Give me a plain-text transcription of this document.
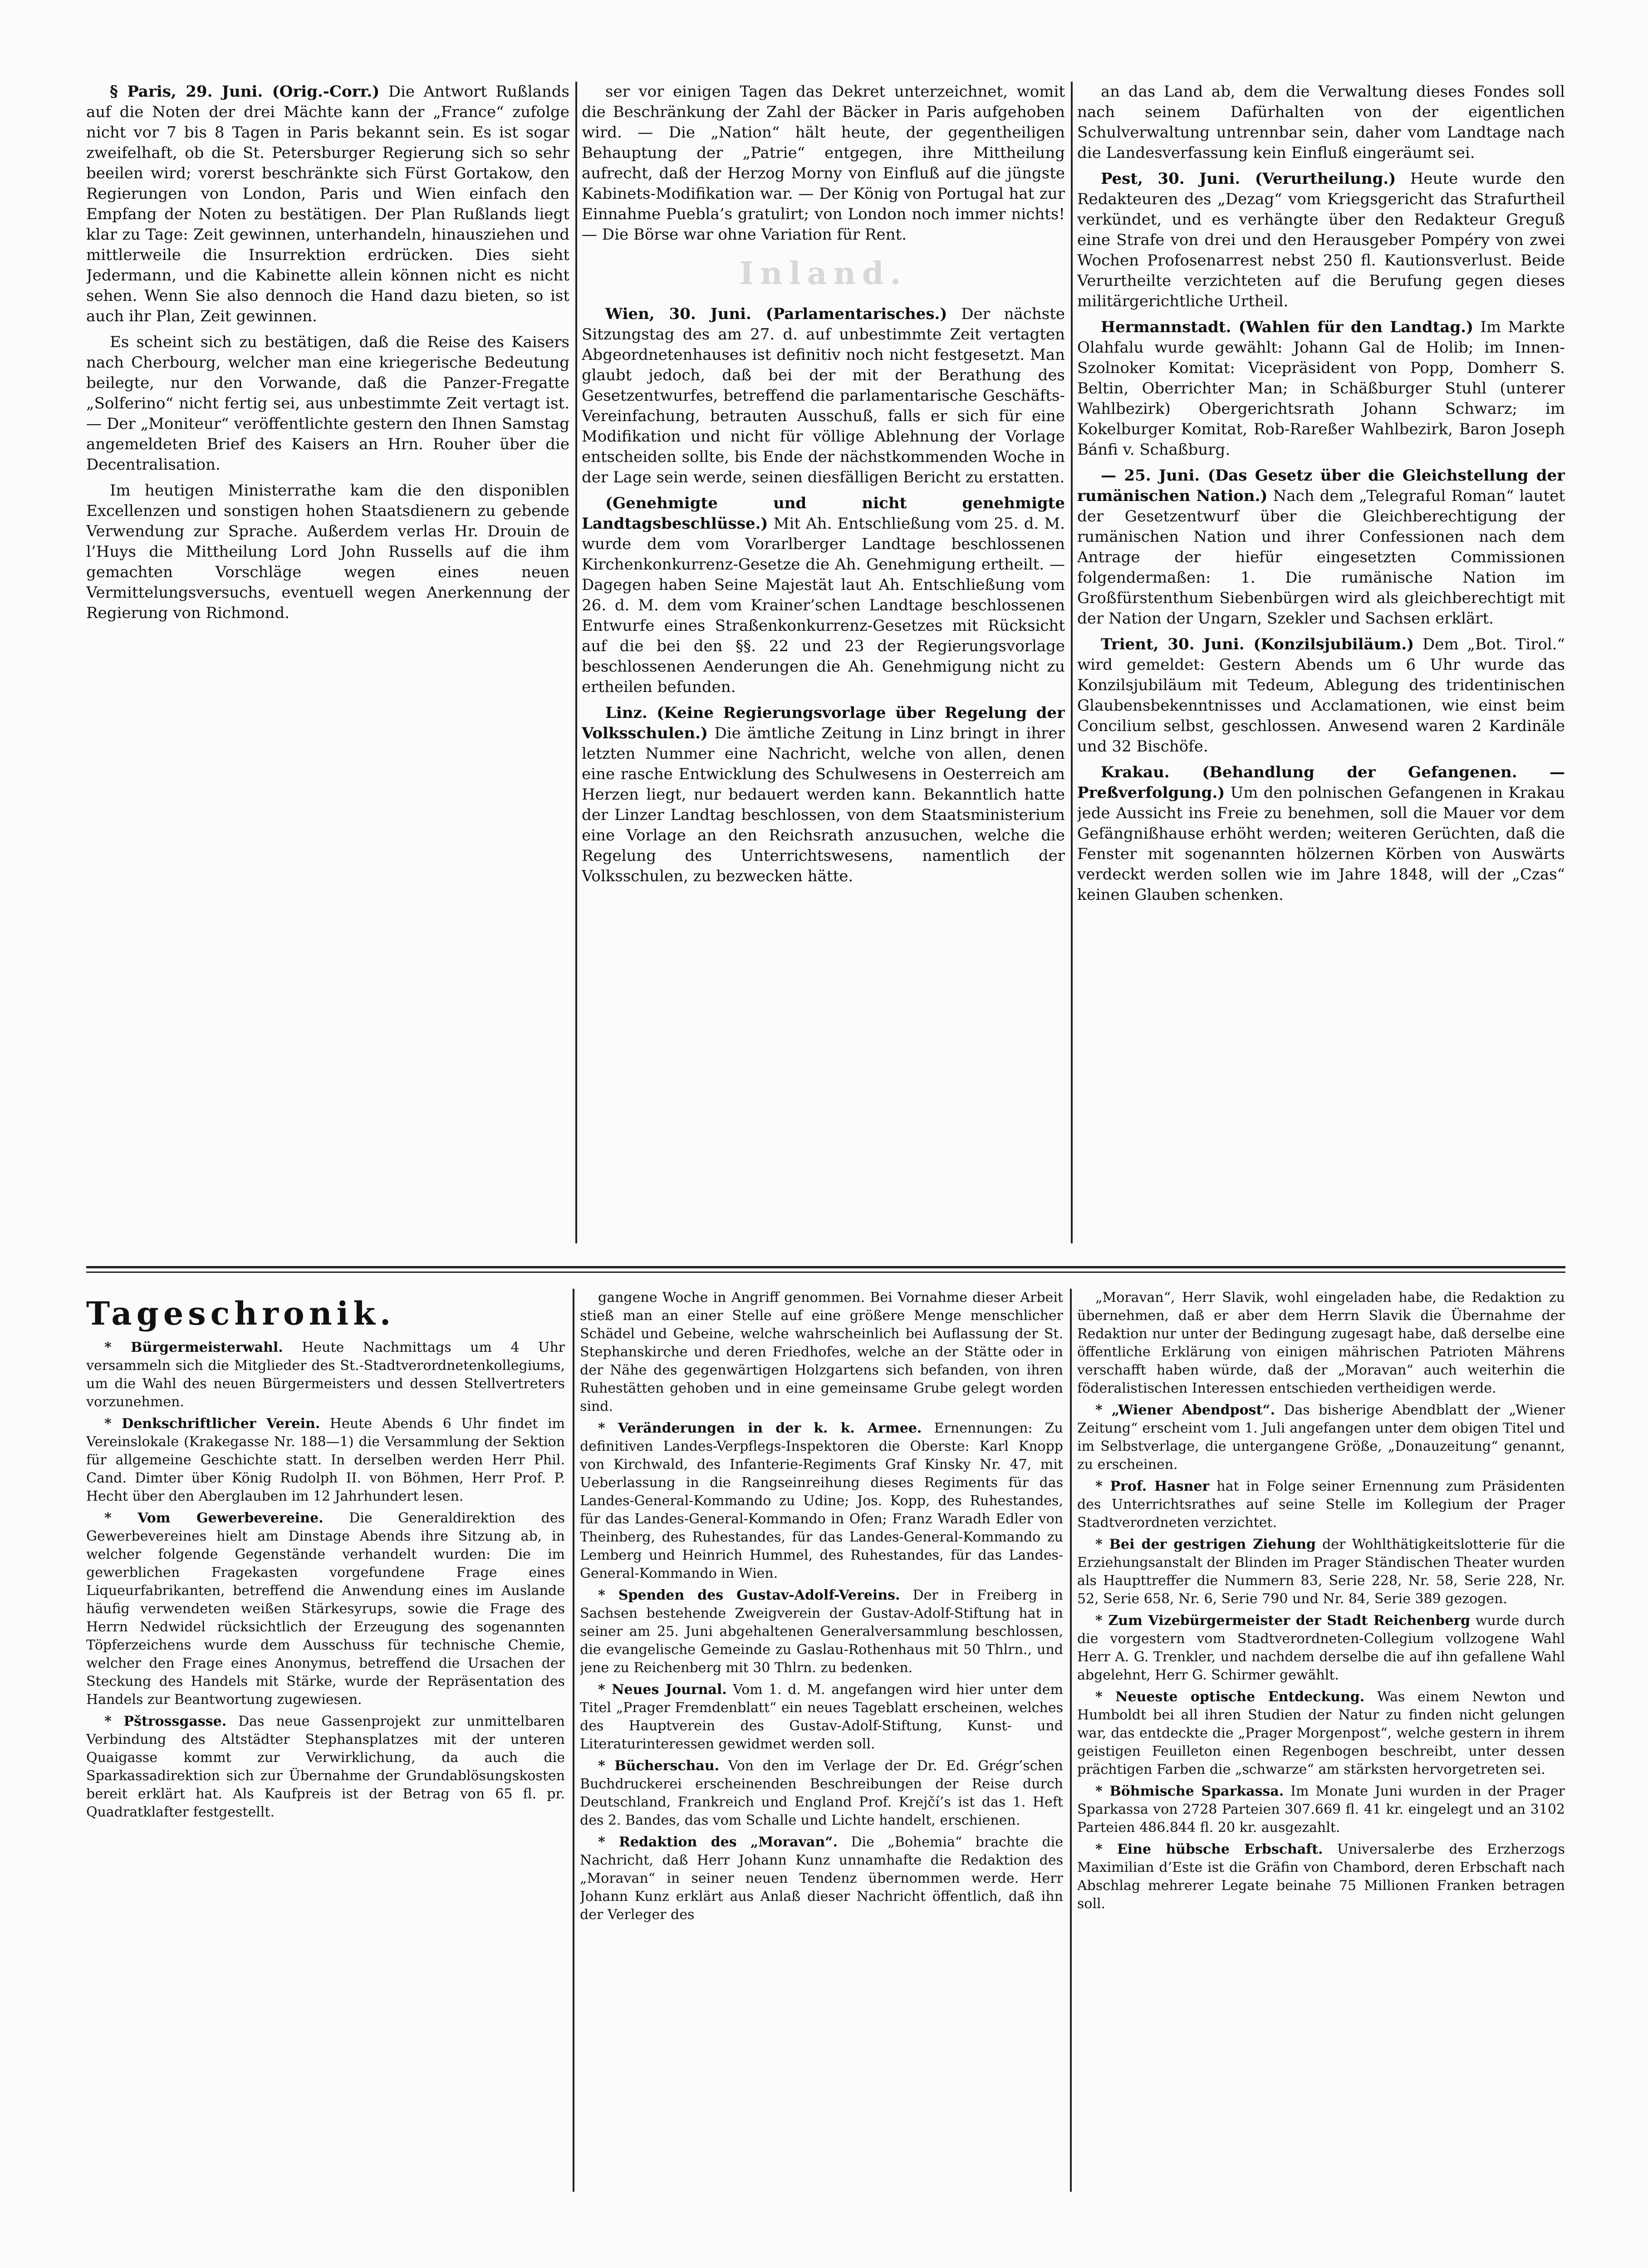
§ Paris, 29. Juni. (Orig.-Corr.) Die Antwort Rußlands auf die Noten der drei Mächte kann der „France“ zufolge nicht vor 7 bis 8 Tagen in Paris bekannt sein. Es ist sogar zweifelhaft, ob die St. Petersburger Regierung sich so sehr beeilen wird; vorerst beschränkte sich Fürst Gortakow, den Regierungen von London, Paris und Wien einfach den Empfang der Noten zu bestätigen. Der Plan Rußlands liegt klar zu Tage: Zeit gewinnen, unterhandeln, hinausziehen und mittlerweile die Insurrektion erdrücken. Dies sieht Jedermann, und die Kabinette allein können nicht es nicht sehen. Wenn Sie also dennoch die Hand dazu bieten, so ist auch ihr Plan, Zeit gewinnen.

Es scheint sich zu bestätigen, daß die Reise des Kaisers nach Cherbourg, welcher man eine kriegerische Bedeutung beilegte, nur den Vorwande, daß die Panzer-Fregatte „Solferino“ nicht fertig sei, aus unbestimmte Zeit vertagt ist. — Der „Moniteur“ veröffentlichte gestern den Ihnen Samstag angemeldeten Brief des Kaisers an Hrn. Rouher über die Decentralisation.

Im heutigen Ministerrathe kam die den disponiblen Excellenzen und sonstigen hohen Staatsdienern zu gebende Verwendung zur Sprache. Außerdem verlas Hr. Drouin de l’Huys die Mittheilung Lord John Russells auf die ihm gemachten Vorschläge wegen eines neuen Vermittelungsversuchs, eventuell wegen Anerkennung der Regierung von Richmond.

ser vor einigen Tagen das Dekret unterzeichnet, womit die Beschränkung der Zahl der Bäcker in Paris aufgehoben wird. — Die „Nation“ hält heute, der gegentheiligen Behauptung der „Patrie“ entgegen, ihre Mittheilung aufrecht, daß der Herzog Morny von Einfluß auf die jüngste Kabinets-Modifikation war. — Der König von Portugal hat zur Einnahme Puebla’s gratulirt; von London noch immer nichts! — Die Börse war ohne Variation für Rent.

Inland.

Wien, 30. Juni. (Parlamentarisches.) Der nächste Sitzungstag des am 27. d. auf unbestimmte Zeit vertagten Abgeordnetenhauses ist definitiv noch nicht festgesetzt. Man glaubt jedoch, daß bei der mit der Berathung des Gesetzentwurfes, betreffend die parlamentarische Geschäfts-Vereinfachung, betrauten Ausschuß, falls er sich für eine Modifikation und nicht für völlige Ablehnung der Vorlage entscheiden sollte, bis Ende der nächstkommenden Woche in der Lage sein werde, seinen diesfälligen Bericht zu erstatten.

(Genehmigte und nicht genehmigte Landtagsbeschlüsse.) Mit Ah. Entschließung vom 25. d. M. wurde dem vom Vorarlberger Landtage beschlossenen Kirchenkonkurrenz-Gesetze die Ah. Genehmigung ertheilt. — Dagegen haben Seine Majestät laut Ah. Entschließung vom 26. d. M. dem vom Krainer’schen Landtage beschlossenen Entwurfe eines Straßenkonkurrenz-Gesetzes mit Rücksicht auf die bei den §§. 22 und 23 der Regierungsvorlage beschlossenen Aenderungen die Ah. Genehmigung nicht zu ertheilen befunden.

Linz. (Keine Regierungsvorlage über Regelung der Volksschulen.) Die ämtliche Zeitung in Linz bringt in ihrer letzten Nummer eine Nachricht, welche von allen, denen eine rasche Entwicklung des Schulwesens in Oesterreich am Herzen liegt, nur bedauert werden kann. Bekanntlich hatte der Linzer Landtag beschlossen, von dem Staatsministerium eine Vorlage an den Reichsrath anzusuchen, welche die Regelung des Unterrichtswesens, namentlich der Volksschulen, zu bezwecken hätte.

an das Land ab, dem die Verwaltung dieses Fondes soll nach seinem Dafürhalten von der eigentlichen Schulverwaltung untrennbar sein, daher vom Landtage nach die Landesverfassung kein Einfluß eingeräumt sei.

Pest, 30. Juni. (Verurtheilung.) Heute wurde den Redakteuren des „Dezag“ vom Kriegsgericht das Strafurtheil verkündet, und es verhängte über den Redakteur Greguß eine Strafe von drei und den Herausgeber Pompéry von zwei Wochen Profosenarrest nebst 250 fl. Kautionsverlust. Beide Verurtheilte verzichteten auf die Berufung gegen dieses militärgerichtliche Urtheil.

Hermannstadt. (Wahlen für den Landtag.) Im Markte Olahfalu wurde gewählt: Johann Gal de Holib; im Innen-Szolnoker Komitat: Vicepräsident von Popp, Domherr S. Beltin, Oberrichter Man; in Schäßburger Stuhl (unterer Wahlbezirk) Obergerichtsrath Johann Schwarz; im Kokelburger Komitat, Rob-Rareßer Wahlbezirk, Baron Joseph Bánfi v. Schaßburg.

— 25. Juni. (Das Gesetz über die Gleichstellung der rumänischen Nation.) Nach dem „Telegraful Roman“ lautet der Gesetzentwurf über die Gleichberechtigung der rumänischen Nation und ihrer Confessionen nach dem Antrage der hiefür eingesetzten Commissionen folgendermaßen: 1. Die rumänische Nation im Großfürstenthum Siebenbürgen wird als gleichberechtigt mit der Nation der Ungarn, Szekler und Sachsen erklärt.

Trient, 30. Juni. (Konzilsjubiläum.) Dem „Bot. Tirol.“ wird gemeldet: Gestern Abends um 6 Uhr wurde das Konzilsjubiläum mit Tedeum, Ablegung des tridentinischen Glaubensbekenntnisses und Acclamationen, wie einst beim Concilium selbst, geschlossen. Anwesend waren 2 Kardinäle und 32 Bischöfe.

Krakau. (Behandlung der Gefangenen. — Preßverfolgung.) Um den polnischen Gefangenen in Krakau jede Aussicht ins Freie zu benehmen, soll die Mauer vor dem Gefängnißhause erhöht werden; weiteren Gerüchten, daß die Fenster mit sogenannten hölzernen Körben von Auswärts verdeckt werden sollen wie im Jahre 1848, will der „Czas“ keinen Glauben schenken.

Tageschronik.

* Bürgermeisterwahl. Heute Nachmittags um 4 Uhr versammeln sich die Mitglieder des St.-Stadtverordnetenkollegiums, um die Wahl des neuen Bürgermeisters und dessen Stellvertreters vorzunehmen.

* Denkschriftlicher Verein. Heute Abends 6 Uhr findet im Vereinslokale (Krakegasse Nr. 188—1) die Versammlung der Sektion für allgemeine Geschichte statt. In derselben werden Herr Phil. Cand. Dimter über König Rudolph II. von Böhmen, Herr Prof. P. Hecht über den Aberglauben im 12 Jahrhundert lesen.

* Vom Gewerbevereine. Die Generaldirektion des Gewerbevereines hielt am Dinstage Abends ihre Sitzung ab, in welcher folgende Gegenstände verhandelt wurden: Die im gewerblichen Fragekasten vorgefundene Frage eines Liqueurfabrikanten, betreffend die Anwendung eines im Auslande häufig verwendeten weißen Stärkesyrups, sowie die Frage des Herrn Nedwidel rücksichtlich der Erzeugung des sogenannten Töpferzeichens wurde dem Ausschuss für technische Chemie, welcher den Frage eines Anonymus, betreffend die Ursachen der Steckung des Handels mit Stärke, wurde der Repräsentation des Handels zur Beantwortung zugewiesen.

* Pštrossgasse. Das neue Gassenprojekt zur unmittelbaren Verbindung des Altstädter Stephansplatzes mit der unteren Quaigasse kommt zur Verwirklichung, da auch die Sparkassadirektion sich zur Übernahme der Grundablösungskosten bereit erklärt hat. Als Kaufpreis ist der Betrag von 65 fl. pr. Quadratklafter festgestellt.

gangene Woche in Angriff genommen. Bei Vornahme dieser Arbeit stieß man an einer Stelle auf eine größere Menge menschlicher Schädel und Gebeine, welche wahrscheinlich bei Auflassung der St. Stephanskirche und deren Friedhofes, welche an der Stätte oder in der Nähe des gegenwärtigen Holzgartens sich befanden, von ihren Ruhestätten gehoben und in eine gemeinsame Grube gelegt worden sind.

* Veränderungen in der k. k. Armee. Ernennungen: Zu definitiven Landes-Verpflegs-Inspektoren die Oberste: Karl Knopp von Kirchwald, des Infanterie-Regiments Graf Kinsky Nr. 47, mit Ueberlassung in die Rangseinreihung dieses Regiments für das Landes-General-Kommando zu Udine; Jos. Kopp, des Ruhestandes, für das Landes-General-Kommando in Ofen; Franz Waradh Edler von Theinberg, des Ruhestandes, für das Landes-General-Kommando zu Lemberg und Heinrich Hummel, des Ruhestandes, für das Landes-General-Kommando in Wien.

* Spenden des Gustav-Adolf-Vereins. Der in Freiberg in Sachsen bestehende Zweigverein der Gustav-Adolf-Stiftung hat in seiner am 25. Juni abgehaltenen Generalversammlung beschlossen, die evangelische Gemeinde zu Gaslau-Rothenhaus mit 50 Thlrn., und jene zu Reichenberg mit 30 Thlrn. zu bedenken.

* Neues Journal. Vom 1. d. M. angefangen wird hier unter dem Titel „Prager Fremdenblatt“ ein neues Tageblatt erscheinen, welches des Hauptverein des Gustav-Adolf-Stiftung, Kunst- und Literaturinteressen gewidmet werden soll.

* Bücherschau. Von den im Verlage der Dr. Ed. Grégr’schen Buchdruckerei erscheinenden Beschreibungen der Reise durch Deutschland, Frankreich und England Prof. Krejčí’s ist das 1. Heft des 2. Bandes, das vom Schalle und Lichte handelt, erschienen.

* Redaktion des „Moravan“. Die „Bohemia“ brachte die Nachricht, daß Herr Johann Kunz unnamhafte die Redaktion des „Moravan“ in seiner neuen Tendenz übernommen werde. Herr Johann Kunz erklärt aus Anlaß dieser Nachricht öffentlich, daß ihn der Verleger des

„Moravan“, Herr Slavik, wohl eingeladen habe, die Redaktion zu übernehmen, daß er aber dem Herrn Slavik die Übernahme der Redaktion nur unter der Bedingung zugesagt habe, daß derselbe eine öffentliche Erklärung von einigen mährischen Patrioten Mährens verschafft haben würde, daß der „Moravan“ auch weiterhin die föderalistischen Interessen entschieden vertheidigen werde.

* „Wiener Abendpost“. Das bisherige Abendblatt der „Wiener Zeitung“ erscheint vom 1. Juli angefangen unter dem obigen Titel und im Selbstverlage, die untergangene Größe, „Donauzeitung“ genannt, zu erscheinen.

* Prof. Hasner hat in Folge seiner Ernennung zum Präsidenten des Unterrichtsrathes auf seine Stelle im Kollegium der Prager Stadtverordneten verzichtet.

* Bei der gestrigen Ziehung der Wohlthätigkeitslotterie für die Erziehungsanstalt der Blinden im Prager Ständischen Theater wurden als Haupttreffer die Nummern 83, Serie 228, Nr. 58, Serie 228, Nr. 52, Serie 658, Nr. 6, Serie 790 und Nr. 84, Serie 389 gezogen.

* Zum Vizebürgermeister der Stadt Reichenberg wurde durch die vorgestern vom Stadtverordneten-Collegium vollzogene Wahl Herr A. G. Trenkler, und nachdem derselbe die auf ihn gefallene Wahl abgelehnt, Herr G. Schirmer gewählt.

* Neueste optische Entdeckung. Was einem Newton und Humboldt bei all ihren Studien der Natur zu finden nicht gelungen war, das entdeckte die „Prager Morgenpost“, welche gestern in ihrem geistigen Feuilleton einen Regenbogen beschreibt, unter dessen prächtigen Farben die „schwarze“ am stärksten hervorgetreten sei.

* Böhmische Sparkassa. Im Monate Juni wurden in der Prager Sparkassa von 2728 Parteien 307.669 fl. 41 kr. eingelegt und an 3102 Parteien 486.844 fl. 20 kr. ausgezahlt.

* Eine hübsche Erbschaft. Universalerbe des Erzherzogs Maximilian d’Este ist die Gräfin von Chambord, deren Erbschaft nach Abschlag mehrerer Legate beinahe 75 Millionen Franken betragen soll.
